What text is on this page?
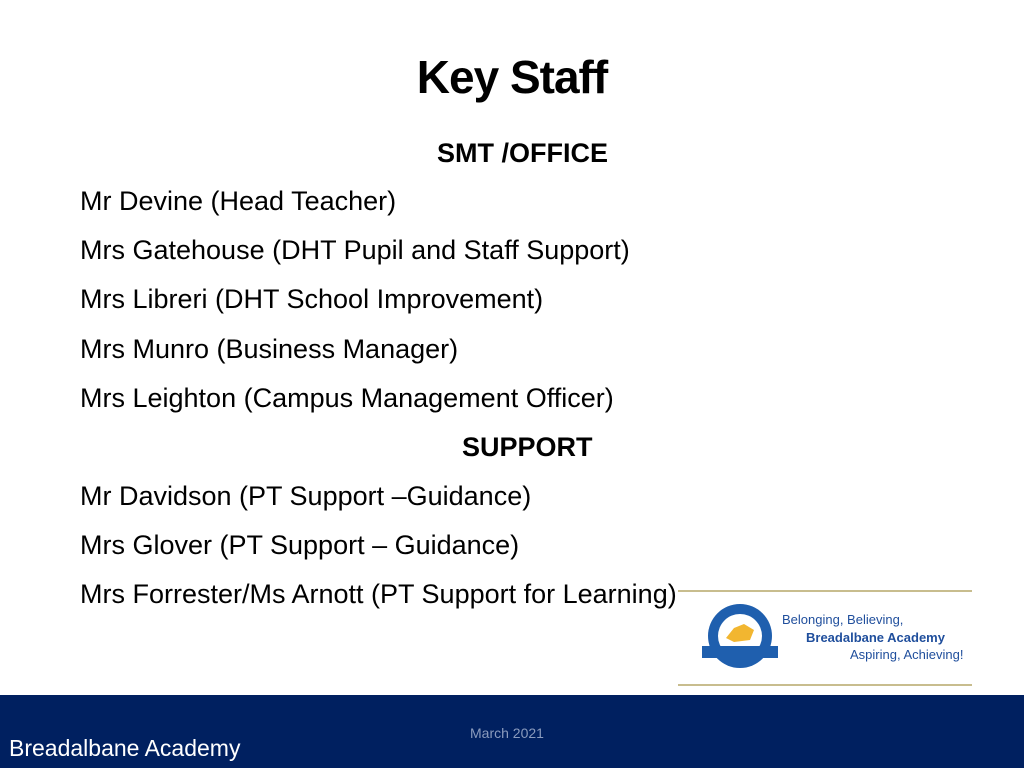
Key Staff
SMT /OFFICE
Mr Devine (Head Teacher)
Mrs Gatehouse (DHT Pupil and Staff Support)
Mrs Libreri (DHT School Improvement)
Mrs Munro (Business Manager)
Mrs Leighton (Campus Management Officer)
SUPPORT
Mr Davidson (PT Support –Guidance)
Mrs Glover (PT Support – Guidance)
Mrs Forrester/Ms Arnott (PT Support for Learning)
Belonging, Believing,
Breadalbane Academy
Aspiring, Achieving!
March 2021
Breadalbane Academy
